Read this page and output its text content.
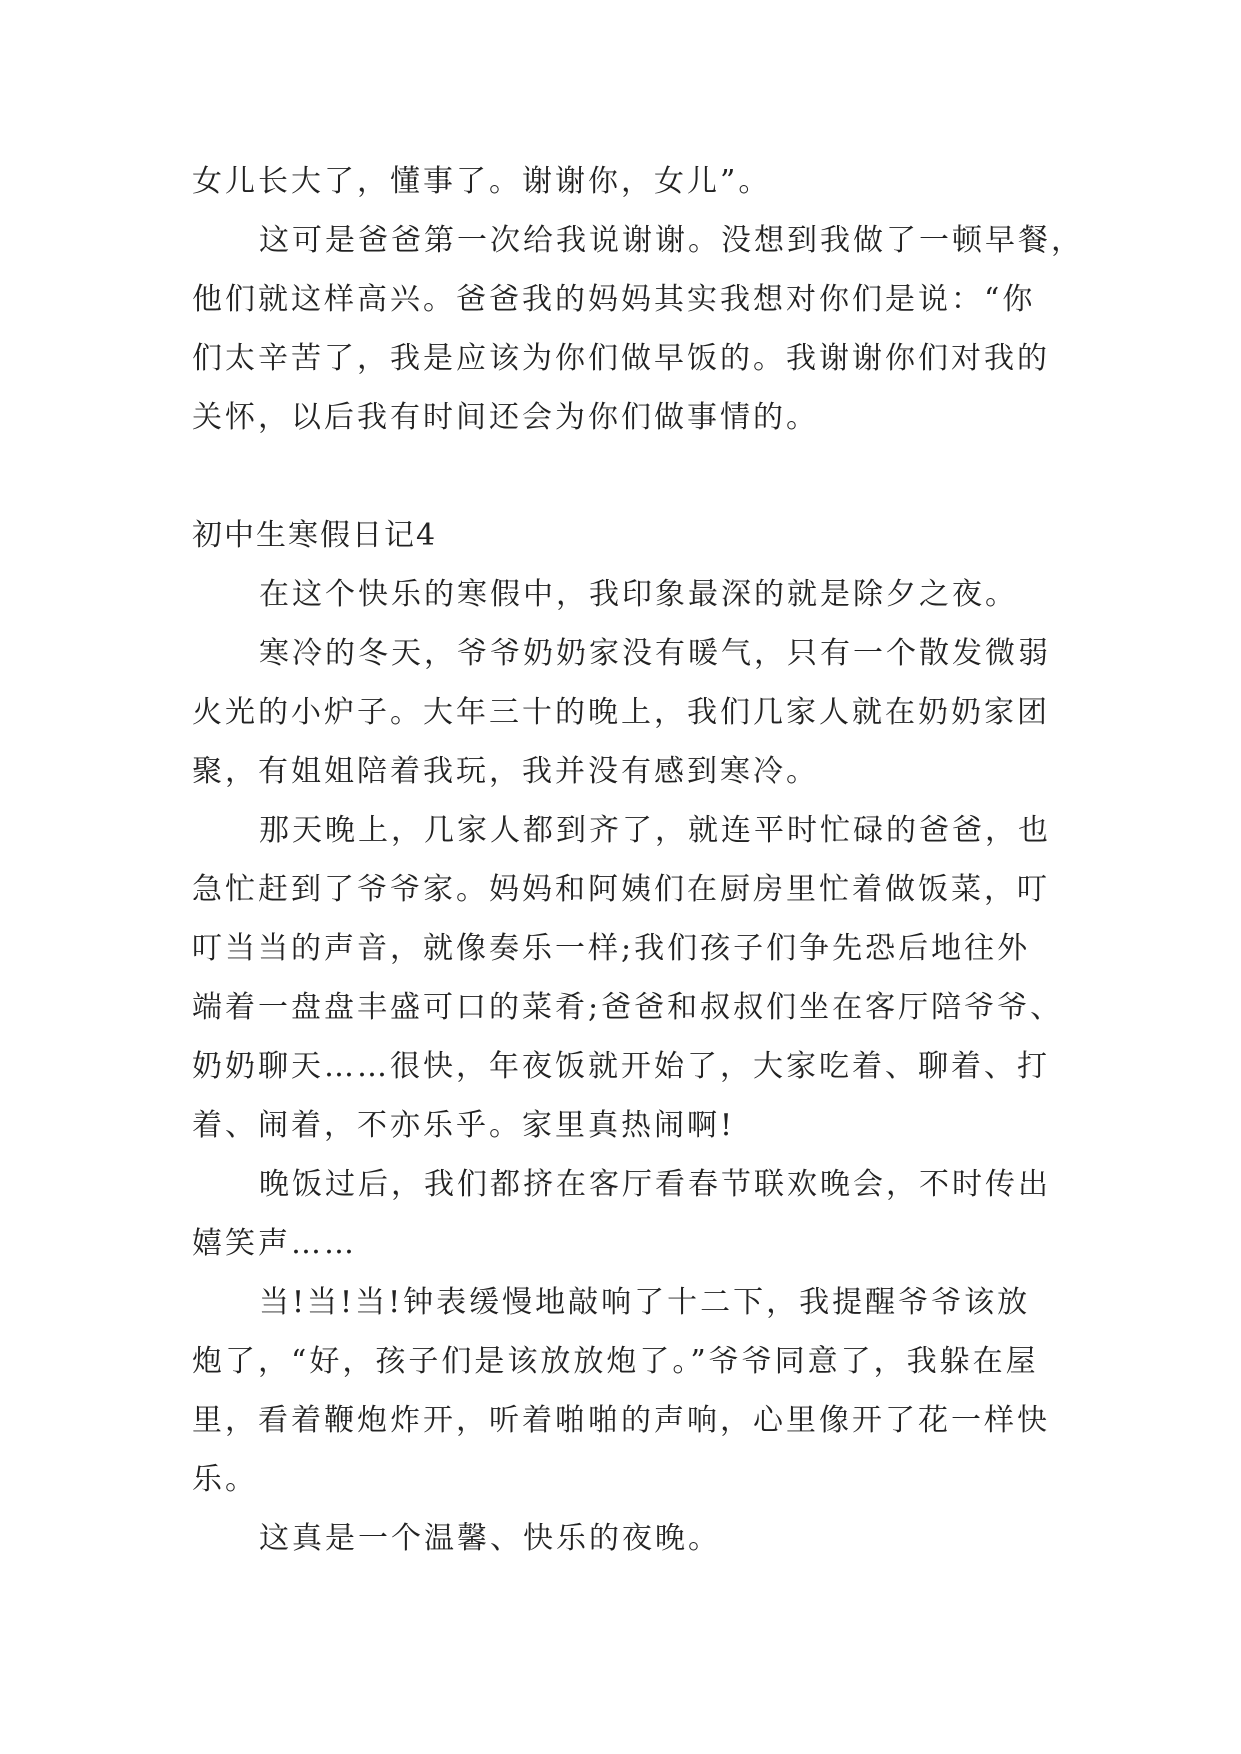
女儿长大了，懂事了。谢谢你，女儿”。
这可是爸爸第一次给我说谢谢。没想到我做了一顿早餐，
他们就这样高兴。爸爸我的妈妈其实我想对你们是说：“你
们太辛苦了，我是应该为你们做早饭的。我谢谢你们对我的
关怀，以后我有时间还会为你们做事情的。
初中生寒假日记4
在这个快乐的寒假中，我印象最深的就是除夕之夜。
寒冷的冬天，爷爷奶奶家没有暖气，只有一个散发微弱
火光的小炉子。大年三十的晚上，我们几家人就在奶奶家团
聚，有姐姐陪着我玩，我并没有感到寒冷。
那天晚上，几家人都到齐了，就连平时忙碌的爸爸，也
急忙赶到了爷爷家。妈妈和阿姨们在厨房里忙着做饭菜，叮
叮当当的声音，就像奏乐一样;我们孩子们争先恐后地往外
端着一盘盘丰盛可口的菜肴;爸爸和叔叔们坐在客厅陪爷爷、
奶奶聊天……很快，年夜饭就开始了，大家吃着、聊着、打
着、闹着，不亦乐乎。家里真热闹啊!
晚饭过后，我们都挤在客厅看春节联欢晚会，不时传出
嬉笑声……
当!当!当!钟表缓慢地敲响了十二下，我提醒爷爷该放
炮了，“好，孩子们是该放放炮了。”爷爷同意了，我躲在屋
里，看着鞭炮炸开，听着啪啪的声响，心里像开了花一样快
乐。
这真是一个温馨、快乐的夜晚。
